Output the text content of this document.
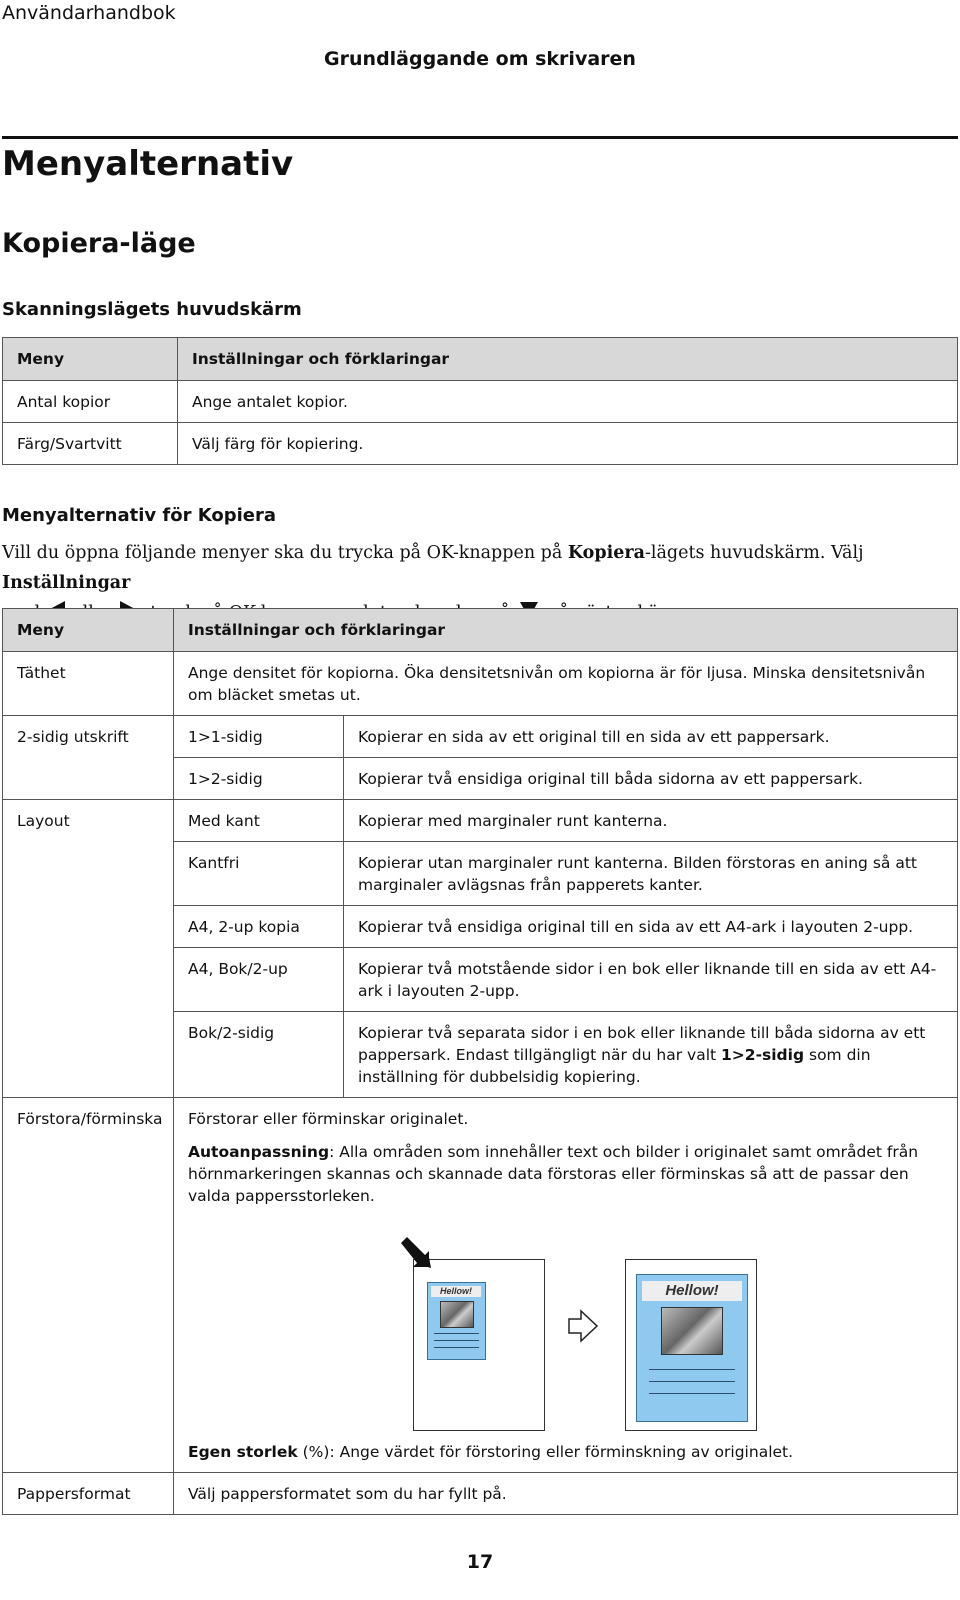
Användarhandbok
Grundläggande om skrivaren
Menyalternativ
Kopiera-läge
Skanningslägets huvudskärm
Meny	Inställningar och förklaringar
Antal kopior	Ange antalet kopior.
Färg/Svartvitt	Välj färg för kopiering.
Menyalternativ för Kopiera
Vill du öppna följande menyer ska du trycka på OK-knappen på Kopiera-lägets huvudskärm. Välj Inställningar

Meny	Inställningar och förklaringar	
Täthet	Ange densitet för kopiorna. Öka densitetsnivån om kopiorna är för ljusa. Minska densitetsnivån om bläcket smetas ut.	
2-sidig utskrift	1>1-sidig	Kopierar en sida av ett original till en sida av ett pappersark.
	1>2-sidig	Kopierar två ensidiga original till båda sidorna av ett pappersark.
Layout	Med kant	Kopierar med marginaler runt kanterna.
	Kantfri	Kopierar utan marginaler runt kanterna. Bilden förstoras en aning så att marginaler avlägsnas från papperets kanter.
	A4, 2-up kopia	Kopierar två ensidiga original till en sida av ett A4-ark i layouten 2-upp.
	A4, Bok/2-up	Kopierar två motstående sidor i en bok eller liknande till en sida av ett A4-ark i layouten 2-upp.
	Bok/2-sidig	Kopierar två separata sidor i en bok eller liknande till båda sidorna av ett pappersark. Endast tillgängligt när du har valt 1>2-sidig som din inställning för dubbelsidig kopiering.
Förstora/förminska	Förstorar eller förminskar originalet.
Autoanpassning: Alla områden som innehåller text och bilder i originalet samt området från hörnmarkeringen skannas och skannade data förstoras eller förminskas så att de passar den valda pappersstorleken.
Hellow! Hellow!
Egen storlek (%): Ange värdet för förstoring eller förminskning av originalet.	

Pappersformat	Välj pappersformatet som du har fyllt på.	
17
